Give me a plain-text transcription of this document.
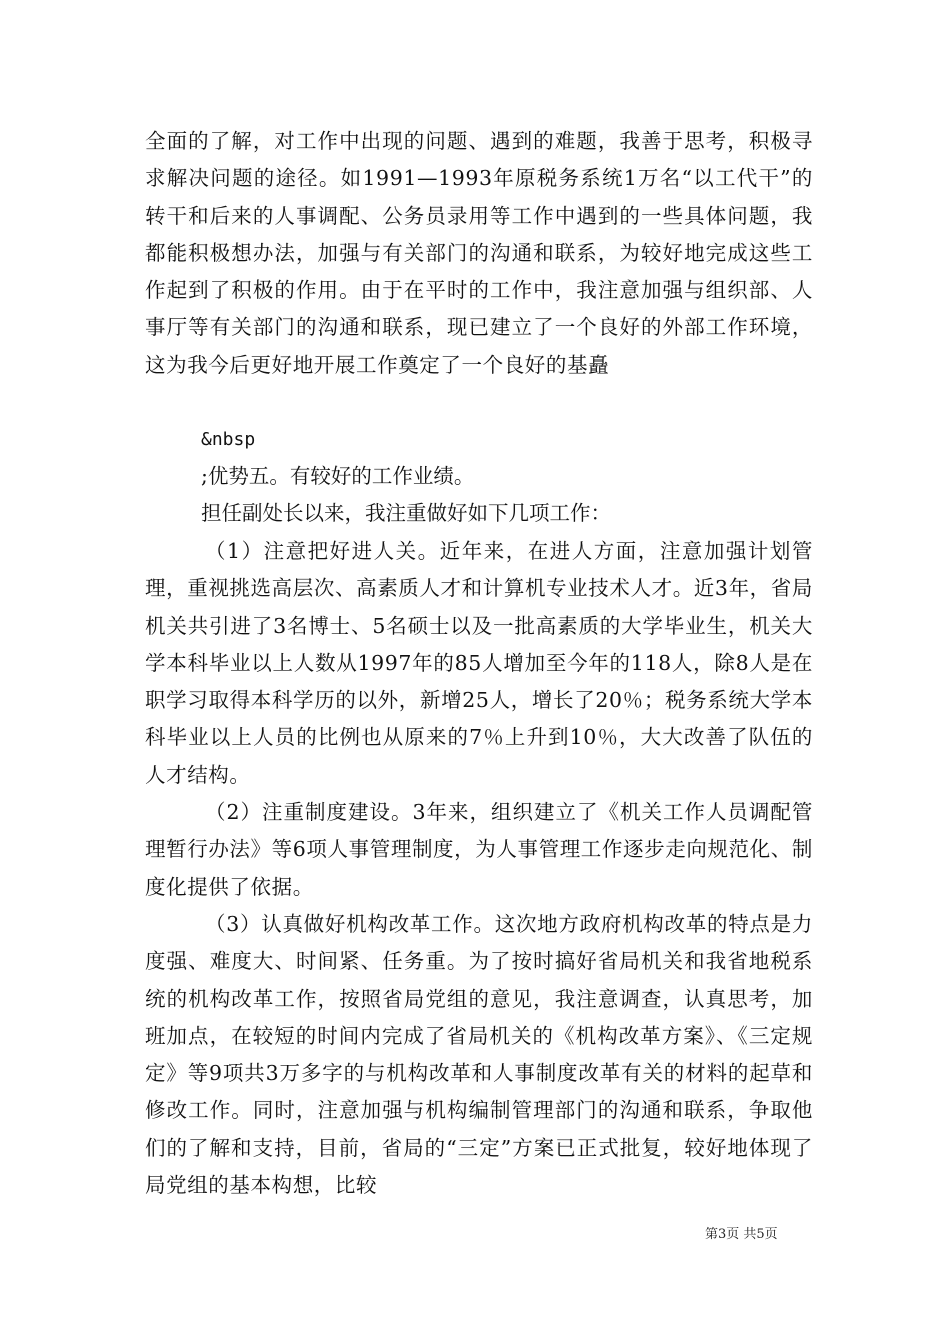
全面的了解，对工作中出现的问题、遇到的难题，我善于思考，积极寻求解决问题的途径。如1991—1993年原税务系统1万名“以工代干”的转干和后来的人事调配、公务员录用等工作中遇到的一些具体问题，我都能积极想办法，加强与有关部门的沟通和联系，为较好地完成这些工作起到了积极的作用。由于在平时的工作中，我注意加强与组织部、人事厅等有关部门的沟通和联系，现已建立了一个良好的外部工作环境，这为我今后更好地开展工作奠定了一个良好的基矗

&nbsp

;优势五。有较好的工作业绩。

担任副处长以来，我注重做好如下几项工作：

（1）注意把好进人关。近年来，在进人方面，注意加强计划管理，重视挑选高层次、高素质人才和计算机专业技术人才。近3年，省局机关共引进了3名博士、5名硕士以及一批高素质的大学毕业生，机关大学本科毕业以上人数从1997年的85人增加至今年的118人，除8人是在职学习取得本科学历的以外，新增25人，增长了20％；税务系统大学本科毕业以上人员的比例也从原来的7％上升到10％，大大改善了队伍的人才结构。

（2）注重制度建设。3年来，组织建立了《机关工作人员调配管理暂行办法》等6项人事管理制度，为人事管理工作逐步走向规范化、制度化提供了依据。

（3）认真做好机构改革工作。这次地方政府机构改革的特点是力度强、难度大、时间紧、任务重。为了按时搞好省局机关和我省地税系统的机构改革工作，按照省局党组的意见，我注意调查，认真思考，加班加点，在较短的时间内完成了省局机关的《机构改革方案》、《三定规定》等9项共3万多字的与机构改革和人事制度改革有关的材料的起草和修改工作。同时，注意加强与机构编制管理部门的沟通和联系，争取他们的了解和支持，目前，省局的“三定”方案已正式批复，较好地体现了局党组的基本构想，比较

第3页 共5页
